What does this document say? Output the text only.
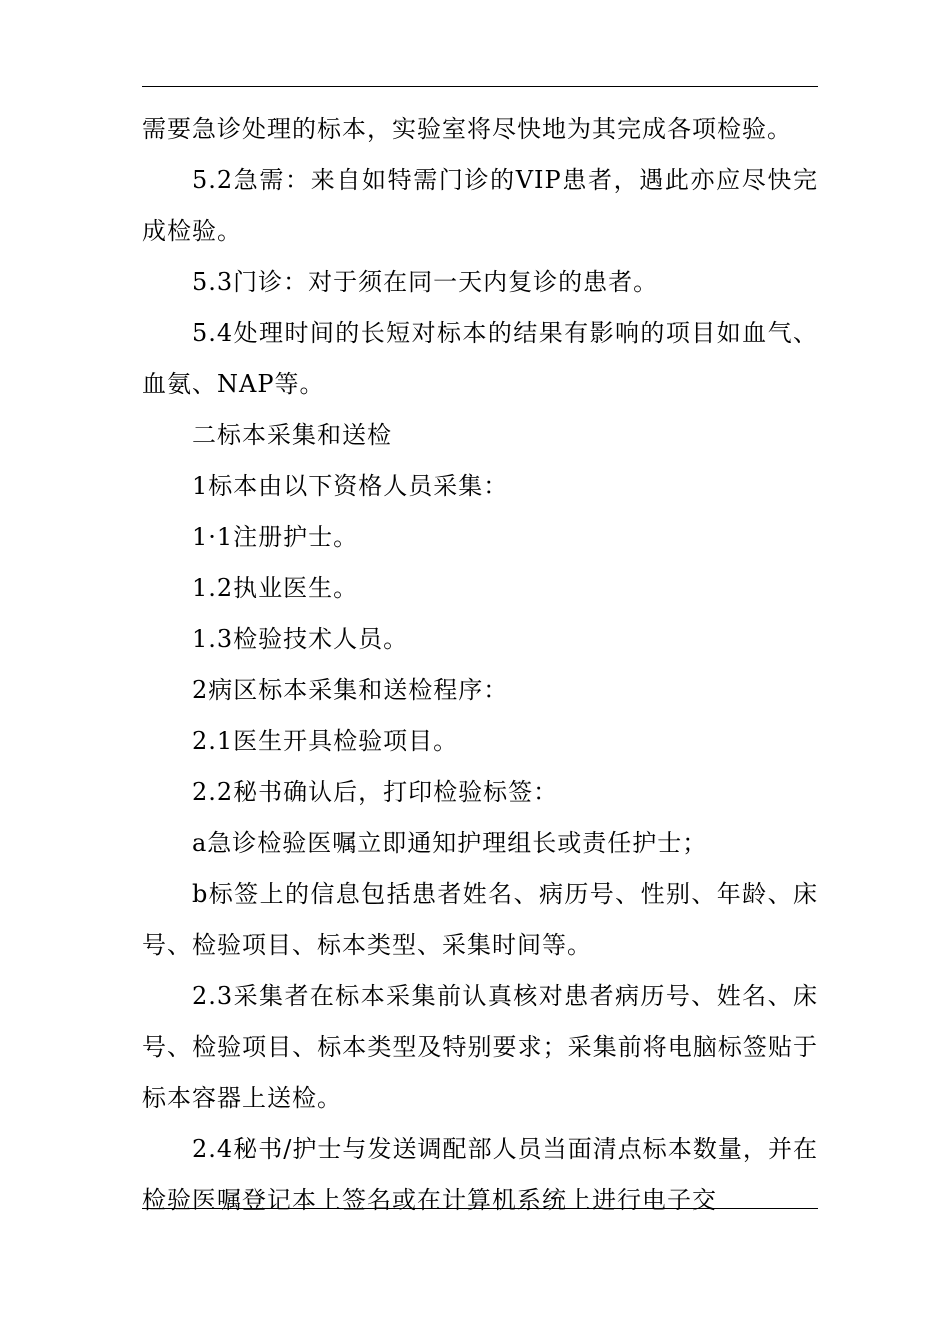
需要急诊处理的标本，实验室将尽快地为其完成各项检验。

5.2急需：来自如特需门诊的VIP患者，遇此亦应尽快完成检验。

5.3门诊：对于须在同一天内复诊的患者。

5.4处理时间的长短对标本的结果有影响的项目如血气、血氨、NAP等。

二标本采集和送检

1标本由以下资格人员采集：

1·1注册护士。

1.2执业医生。

1.3检验技术人员。

2病区标本采集和送检程序：

2.1医生开具检验项目。

2.2秘书确认后，打印检验标签：

a急诊检验医嘱立即通知护理组长或责任护士；

b标签上的信息包括患者姓名、病历号、性别、年龄、床号、检验项目、标本类型、采集时间等。

2.3采集者在标本采集前认真核对患者病历号、姓名、床号、检验项目、标本类型及特别要求；采集前将电脑标签贴于标本容器上送检。

2.4秘书/护士与发送调配部人员当面清点标本数量，并在检验医嘱登记本上签名或在计算机系统上进行电子交
